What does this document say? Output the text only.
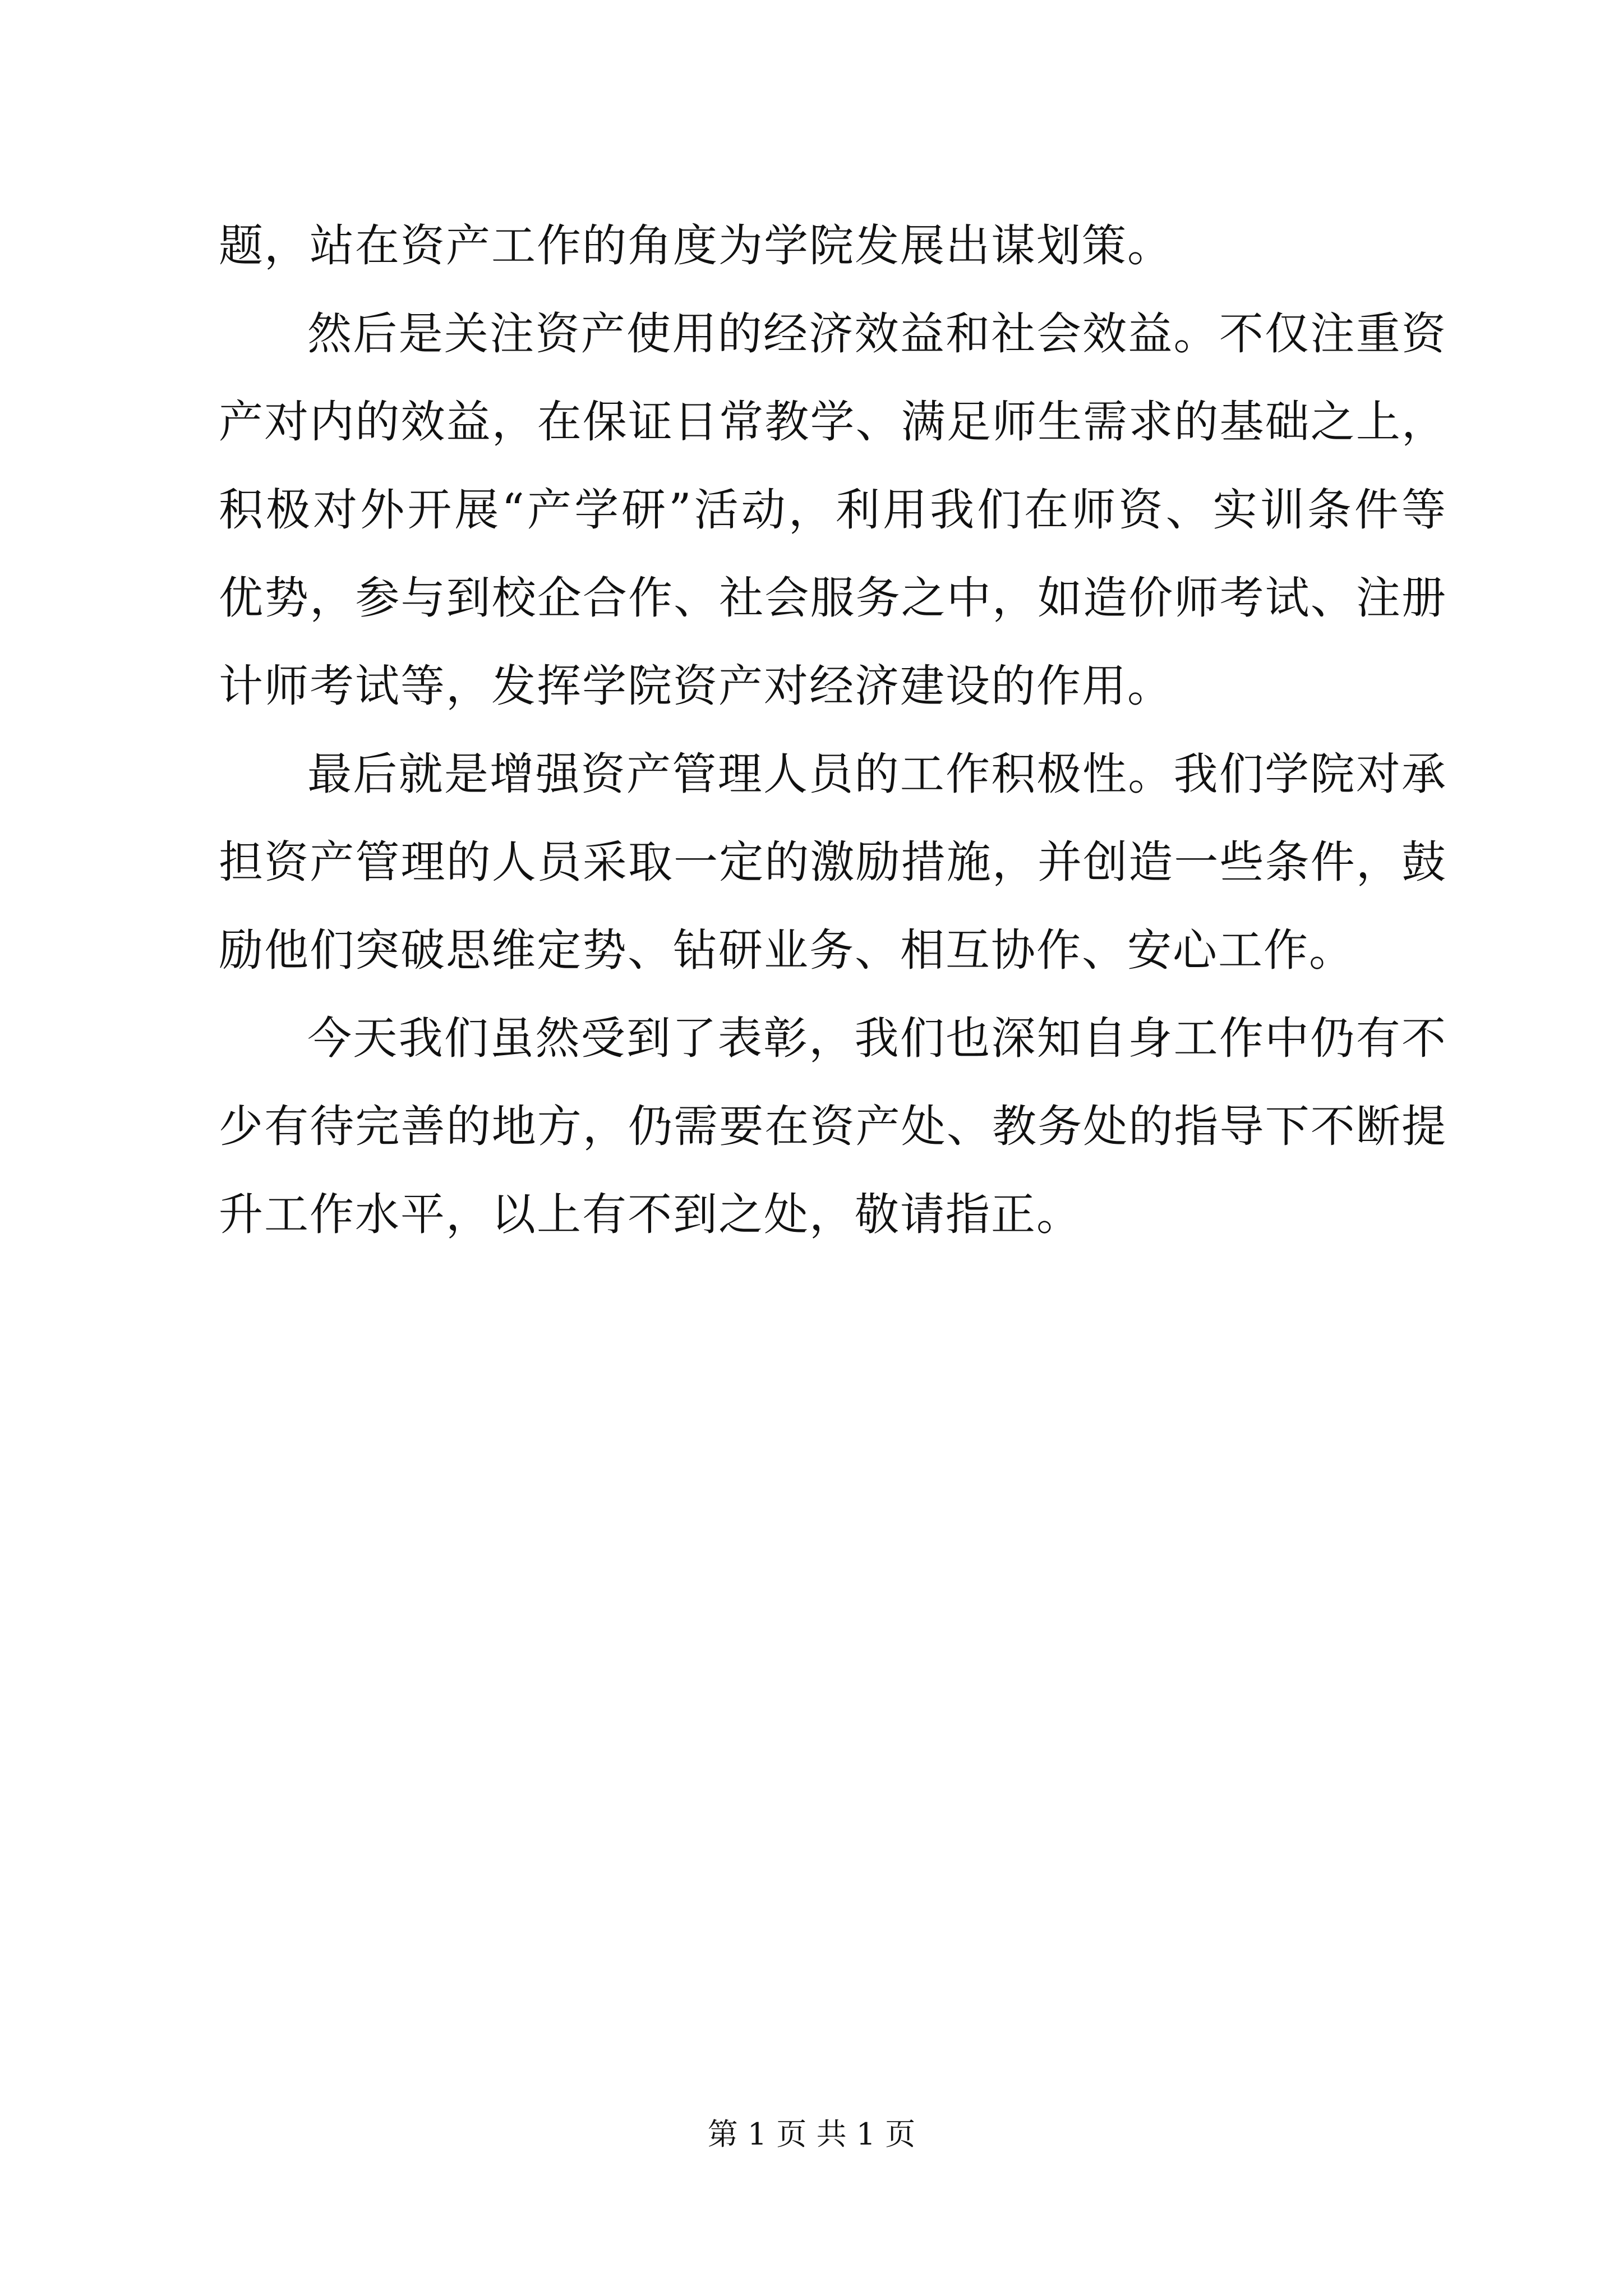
题，站在资产工作的角度为学院发展出谋划策。

然后是关注资产使用的经济效益和社会效益。不仅注重资产对内的效益，在保证日常教学、满足师生需求的基础之上，积极对外开展“产学研”活动，利用我们在师资、实训条件等优势，参与到校企合作、社会服务之中，如造价师考试、注册计师考试等，发挥学院资产对经济建设的作用。

最后就是增强资产管理人员的工作积极性。我们学院对承担资产管理的人员采取一定的激励措施，并创造一些条件，鼓励他们突破思维定势、钻研业务、相互协作、安心工作。

今天我们虽然受到了表彰，我们也深知自身工作中仍有不少有待完善的地方，仍需要在资产处、教务处的指导下不断提升工作水平，以上有不到之处，敬请指正。

第 1 页 共 1 页
